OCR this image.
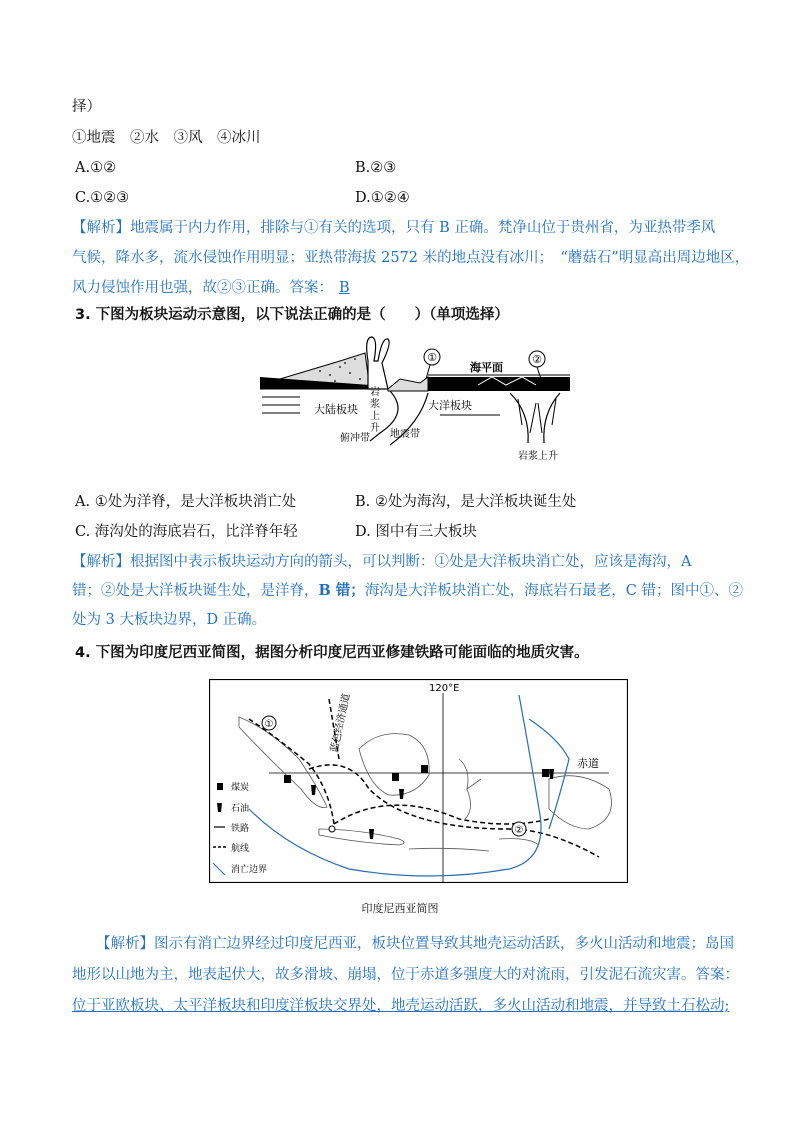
择）
①地震　②水　③风　④冰川
A.①②	B.②③
C.①②③	D.①②④
【解析】地震属于内力作用，排除与①有关的选项，只有 B 正确。梵净山位于贵州省，为亚热带季风
气候，降水多，流水侵蚀作用明显；亚热带海拔 2572 米的地点没有冰川；　“蘑菇石”明显高出周边地区，
风力侵蚀作用也强，故②③正确。答案： B
3. 下图为板块运动示意图，以下说法正确的是（　　）（单项选择）
①	②
海平面
岩浆上升
大陆板块	大洋板块
俯冲带 地震带
岩浆上升
A. ①处为洋脊，是大洋板块消亡处	B. ②处为海沟，是大洋板块诞生处
C. 海沟处的海底岩石，比洋脊年轻	D. 图中有三大板块
【解析】根据图中表示板块运动方向的箭头，可以判断：①处是大洋板块消亡处，应该是海沟，A
错；②处是大洋板块诞生处，是洋脊，B 错；海沟是大洋板块消亡处，海底岩石最老，C 错；图中①、②
处为 3 大板块边界，D 正确。
4. 下图为印度尼西亚简图，据图分析印度尼西亚修建铁路可能面临的地质灾害。
120°E
赤道
蓝色经济通道
①
②
煤炭
石油
铁路
航线
消亡边界
印度尼西亚简图
【解析】图示有消亡边界经过印度尼西亚，板块位置导致其地壳运动活跃，多火山活动和地震；岛国
地形以山地为主，地表起伏大，故多滑坡、崩塌，位于赤道多强度大的对流雨，引发泥石流灾害。答案：
位于亚欧板块、太平洋板块和印度洋板块交界处，地壳运动活跃，多火山活动和地震，并导致土石松动;
